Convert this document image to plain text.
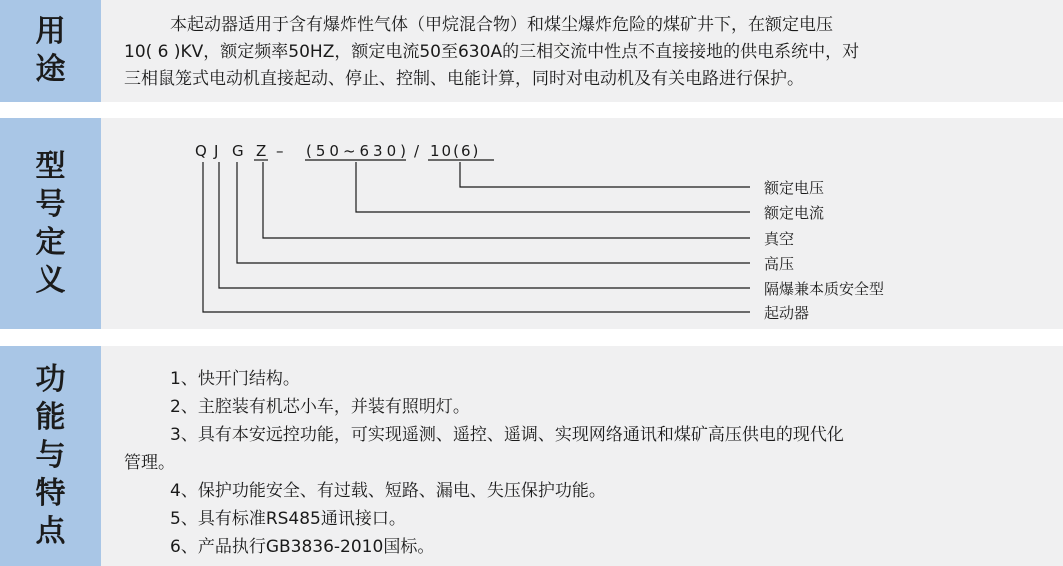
用
途
本起动器适用于含有爆炸性气体（甲烷混合物）和煤尘爆炸危险的煤矿井下，在额定电压
10( 6 )KV，额定频率50HZ，额定电流50至630A的三相交流中性点不直接接地的供电系统中，对
三相鼠笼式电动机直接起动、停止、控制、电能计算，同时对电动机及有关电路进行保护。
型
号
定
义
Q J G Z – (50~630) / 10(6)
额定电压
额定电流
真空
高压
隔爆兼本质安全型
起动器
功
能
与
特
点
1、快开门结构。
2、主腔装有机芯小车，并装有照明灯。
3、具有本安远控功能，可实现遥测、遥控、遥调、实现网络通讯和煤矿高压供电的现代化
管理。
4、保护功能安全、有过载、短路、漏电、失压保护功能。
5、具有标准RS485通讯接口。
6、产品执行GB3836-2010国标。
